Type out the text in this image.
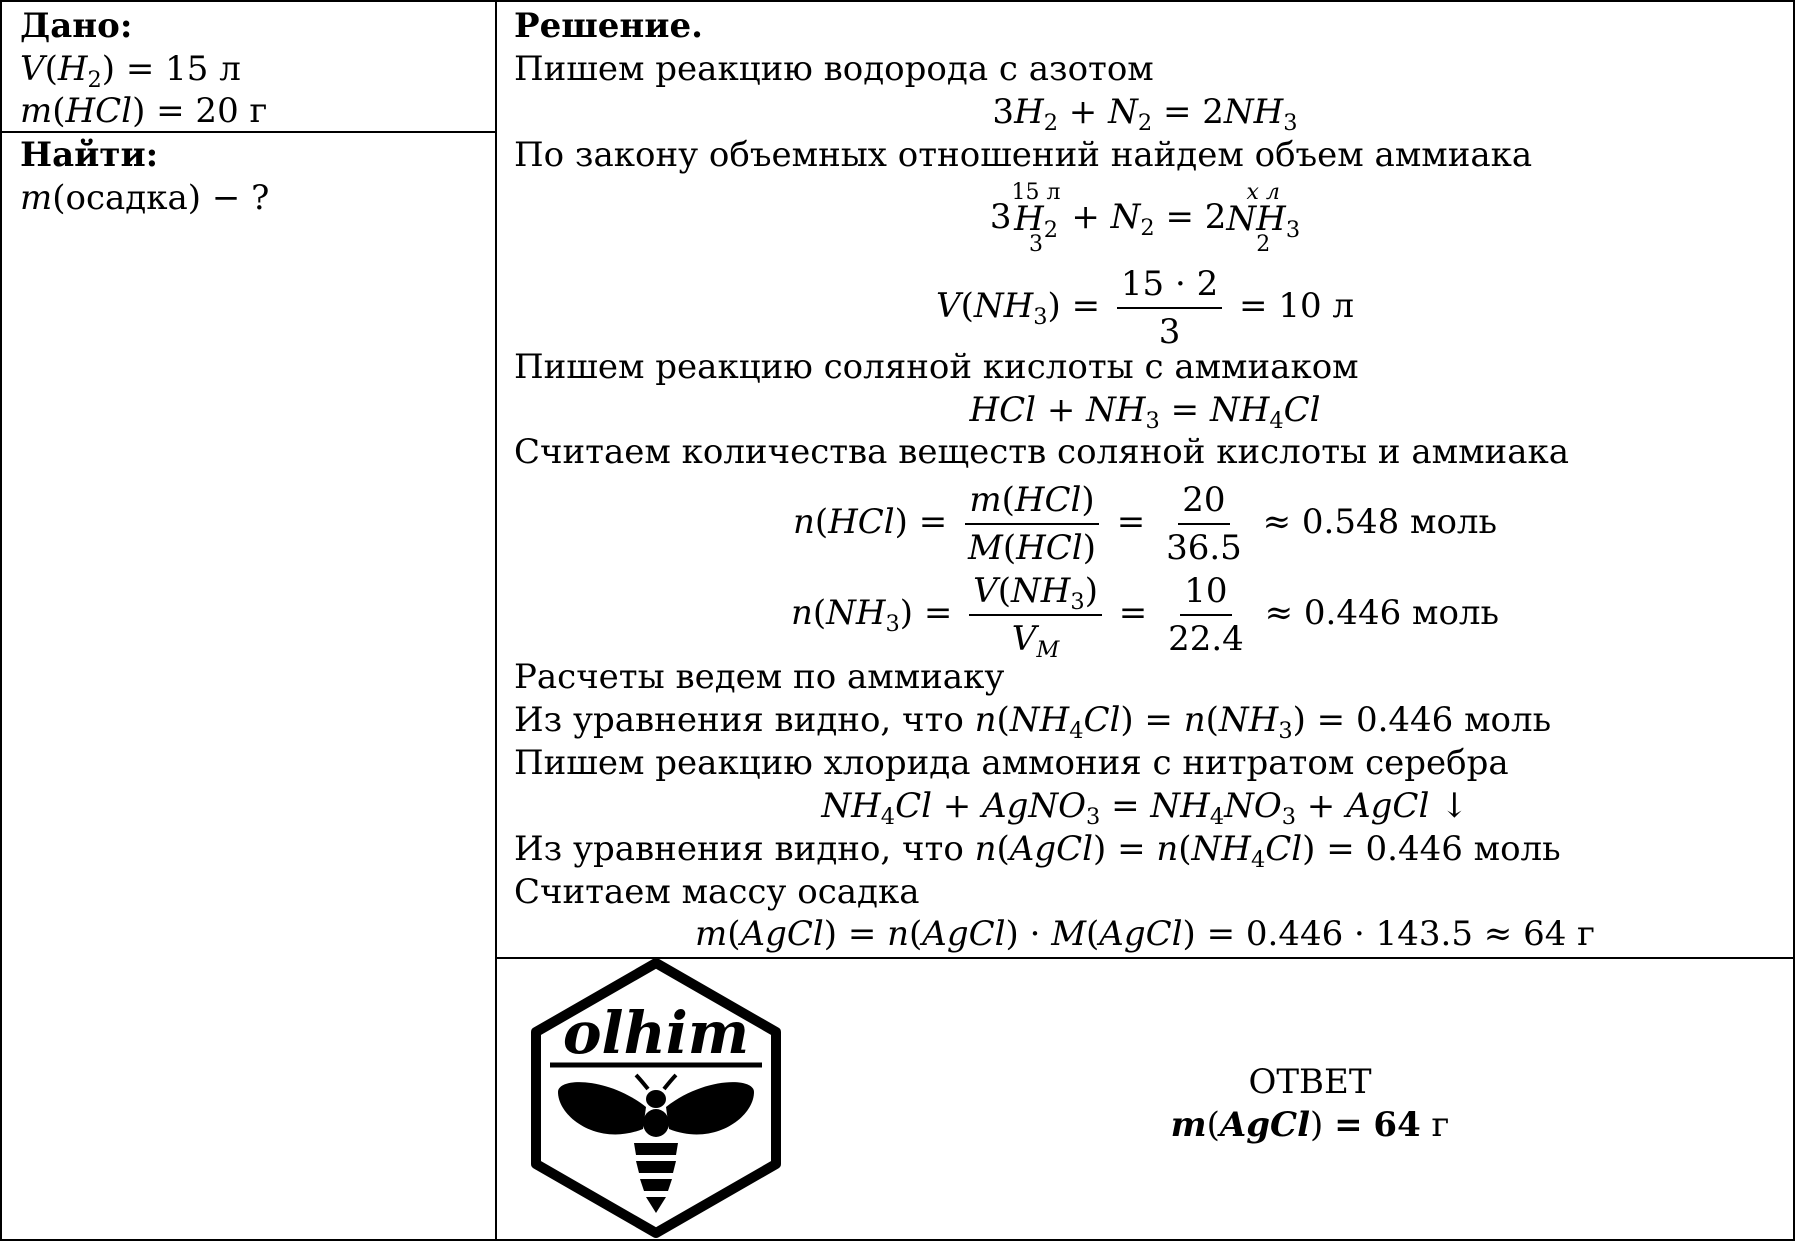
Дано:
$V(H_2) = 15$ л
m(HCl) = 20 г
Найти:
m(осадка) − ?
Решение.
Пишем реакцию водорода с азотом
$3H_2 + N_2 = 2NH_3$
По закону объемных отношений найдем объем аммиака
3
15 л
$H_2$
3
+ $N_2 = 2$
x л
$NH_3$
2
$V(NH_3) = \frac{15 \cdot 2}{3} = 10$ л
Пишем реакцию соляной кислоты с аммиаком
HCl + $NH_3 = NH_4Cl$
Считаем количества веществ соляной кислоты и аммиака
$n(HCl) = \frac{\text{m(HCl)}}{\text{M(HCl)}} = \frac{20}{36.5} \approx 0.548$ моль
$n(NH_3) = \frac{V(NH_3)}{V_M} = \frac{10}{22.4} \approx 0.446$ моль
Расчеты ведем по аммиаку
Из уравнения видно, что $n(NH_4Cl) = n(NH_3) = 0.446$ моль
Пишем реакцию хлорида аммония с нитратом серебра
$NH_4Cl$ + AgNO$_3$ = $NH_4NO_3$ + AgCl ↓
Из уравнения видно, что n(AgCl) = $n(NH_4Cl) = 0.446$ моль
Считаем массу осадка
m(AgCl) = n(AgCl) · M(AgCl) = 0.446 · 143.5 ≈ 64 г
olhim
ОТВЕТ
m(AgCl) = 64 г
